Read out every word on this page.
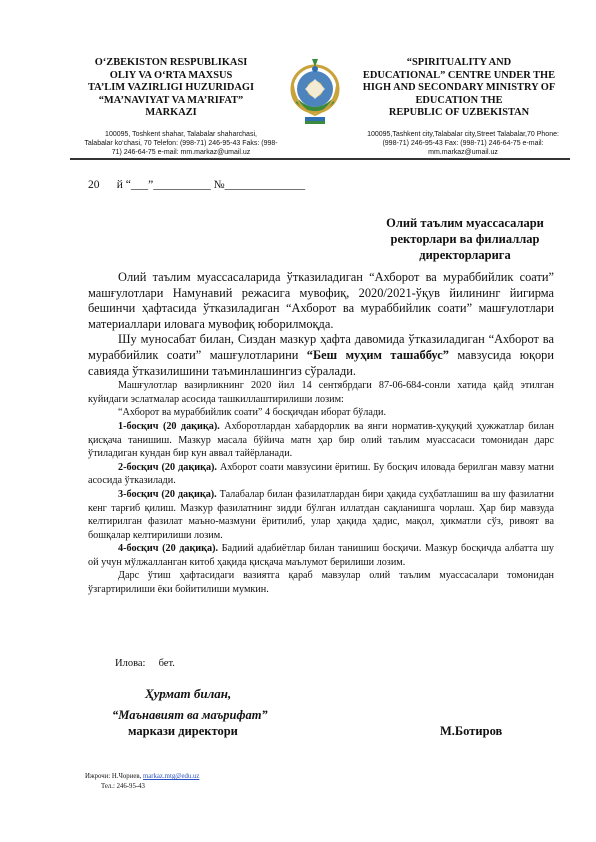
O‘ZBEKISTON RESPUBLIKASI
OLIY VA O‘RTA MAXSUS
TA’LIM VAZIRLIGI HUZURIDAGI
“MA’NAVIYAT VA MA’RIFAT”
MARKAZI
“SPIRITUALITY AND
EDUCATIONAL” CENTRE UNDER THE
HIGH AND SECONDARY MINISTRY OF
EDUCATION THE
REPUBLIC OF UZBEKISTAN
100095, Toshkent shahar, Talabalar shaharchasi,
Talabalar ko‘chasi, 70 Telefon: (998-71) 246-95-43 Faks: (998-
71) 246-64-75 e-mail: mm.markaz@umail.uz
100095,Tashkent city,Talabalar city,Street Talabalar,70 Phone:
(998-71) 246-95-43 Fax: (998-71) 246-64-75 e-mail:
mm.markaz@umail.uz
20      й “___”__________ №______________
Олий таълим муассасалари
ректорлари ва филиаллар
директорларига

Олий таълим муассасаларида ўтказиладиган “Ахборот ва мураббийлик соати” машғулотлари Намунавий режасига мувофиқ, 2020/2021-ўқув йилининг йигирма бешинчи ҳафтасида ўтказиладиган “Ахборот ва мураббийлик соати” машғулотлари материаллари иловага мувофиқ юборилмоқда.

Шу муносабат билан, Сиздан мазкур ҳафта давомида ўтказиладиган “Ахборот ва мураббийлик соати” машғулотларини “Беш муҳим ташаббус” мавзусида юқори савияда ўтказилишини таъминлашингиз сўралади.

Машғулотлар вазирликнинг 2020 йил 14 сентябрдаги 87-06-684-сонли хатида қайд этилган куйидаги эслатмалар асосида ташкиллаштирилиши лозим:

“Ахборот ва мураббийлик соати” 4 босқичдан иборат бўлади.

1-босқич (20 дақиқа). Ахборотлардан хабардорлик ва янги норматив-ҳуқуқий ҳужжатлар билан қисқача танишиш. Мазкур масала бўйича матн ҳар бир олий таълим муассасаси томонидан дарс ўтиладиган кундан бир кун аввал тайёрланади.

2-босқич (20 дақиқа). Ахборот соати мавзусини ёритиш. Бу босқич иловада берилган мавзу матни асосида ўтказилади.

3-босқич (20 дақиқа). Талабалар билан фазилатлардан бири ҳақида суҳбатлашиш ва шу фазилатни кенг тарғиб қилиш. Мазкур фазилатнинг зидди бўлган иллатдан сақланишга чорлаш. Ҳар бир мавзуда келтирилган фазилат маъно-мазмуни ёритилиб, улар ҳақида ҳадис, мақол, ҳикматли сўз, ривоят ва бошқалар келтирилиши лозим.

4-босқич (20 дақиқа). Бадиий адабиётлар билан танишиш босқичи. Мазкур босқичда албатта шу ой учун мўлжалланган китоб ҳақида қисқача маълумот берилиши лозим.

Дарс ўтиш ҳафтасидаги вазиятга қараб мавзулар олий таълим муассасалари томонидан ўзгартирилиши ёки бойитилиши мумкин.

Илова:     бет.
Ҳурмат билан,
“Маънавият ва маърифат”
маркази директори	М.Ботиров
Ижрочи: Н.Чориев, markaz.mtg@edu.uz
Тел.: 246-95-43
